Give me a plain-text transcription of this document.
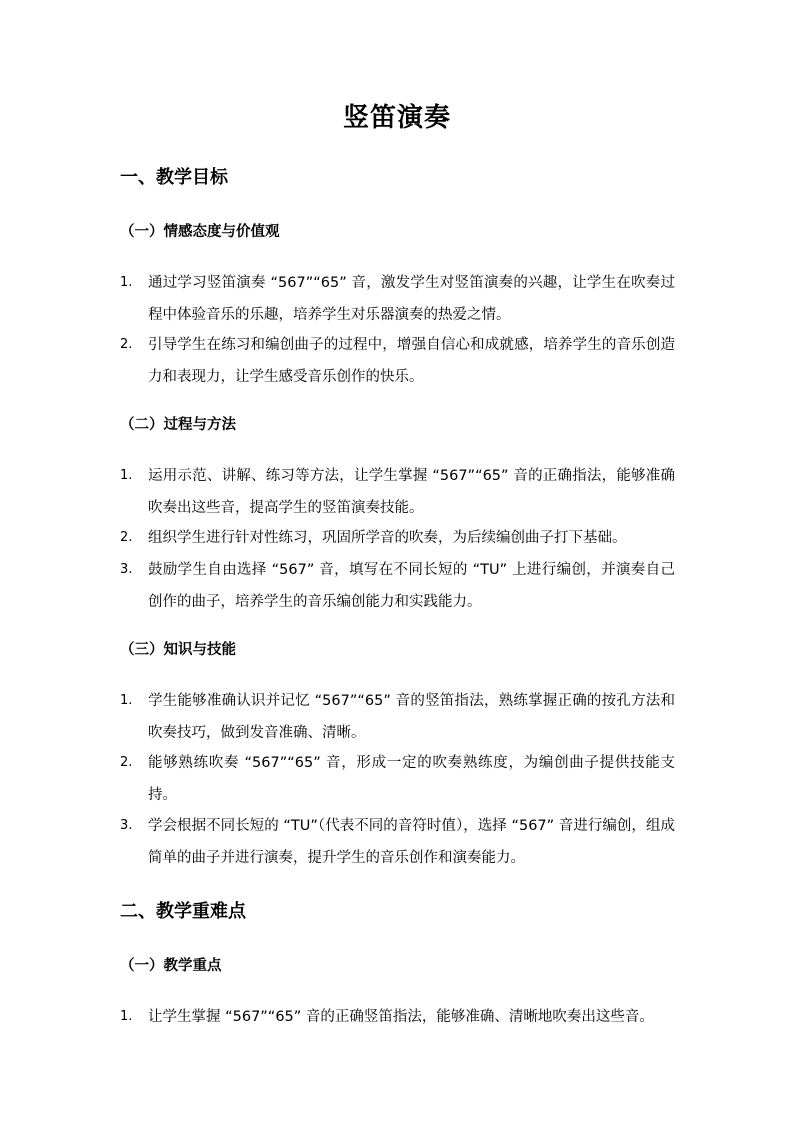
竖笛演奏
一、教学目标
（一）情感态度与价值观
1. 通过学习竖笛演奏 “567”“65” 音，激发学生对竖笛演奏的兴趣，让学生在吹奏过程中体验音乐的乐趣，培养学生对乐器演奏的热爱之情。
2. 引导学生在练习和编创曲子的过程中，增强自信心和成就感，培养学生的音乐创造力和表现力，让学生感受音乐创作的快乐。
（二）过程与方法
1. 运用示范、讲解、练习等方法，让学生掌握 “567”“65” 音的正确指法，能够准确吹奏出这些音，提高学生的竖笛演奏技能。
2. 组织学生进行针对性练习，巩固所学音的吹奏，为后续编创曲子打下基础。
3. 鼓励学生自由选择 “567” 音，填写在不同长短的 “TU” 上进行编创，并演奏自己创作的曲子，培养学生的音乐编创能力和实践能力。
（三）知识与技能
1. 学生能够准确认识并记忆 “567”“65” 音的竖笛指法，熟练掌握正确的按孔方法和吹奏技巧，做到发音准确、清晰。
2. 能够熟练吹奏 “567”“65” 音，形成一定的吹奏熟练度，为编创曲子提供技能支持。
3. 学会根据不同长短的 “TU”（代表不同的音符时值），选择 “567” 音进行编创，组成简单的曲子并进行演奏，提升学生的音乐创作和演奏能力。
二、教学重难点
（一）教学重点
1. 让学生掌握 “567”“65” 音的正确竖笛指法，能够准确、清晰地吹奏出这些音。
